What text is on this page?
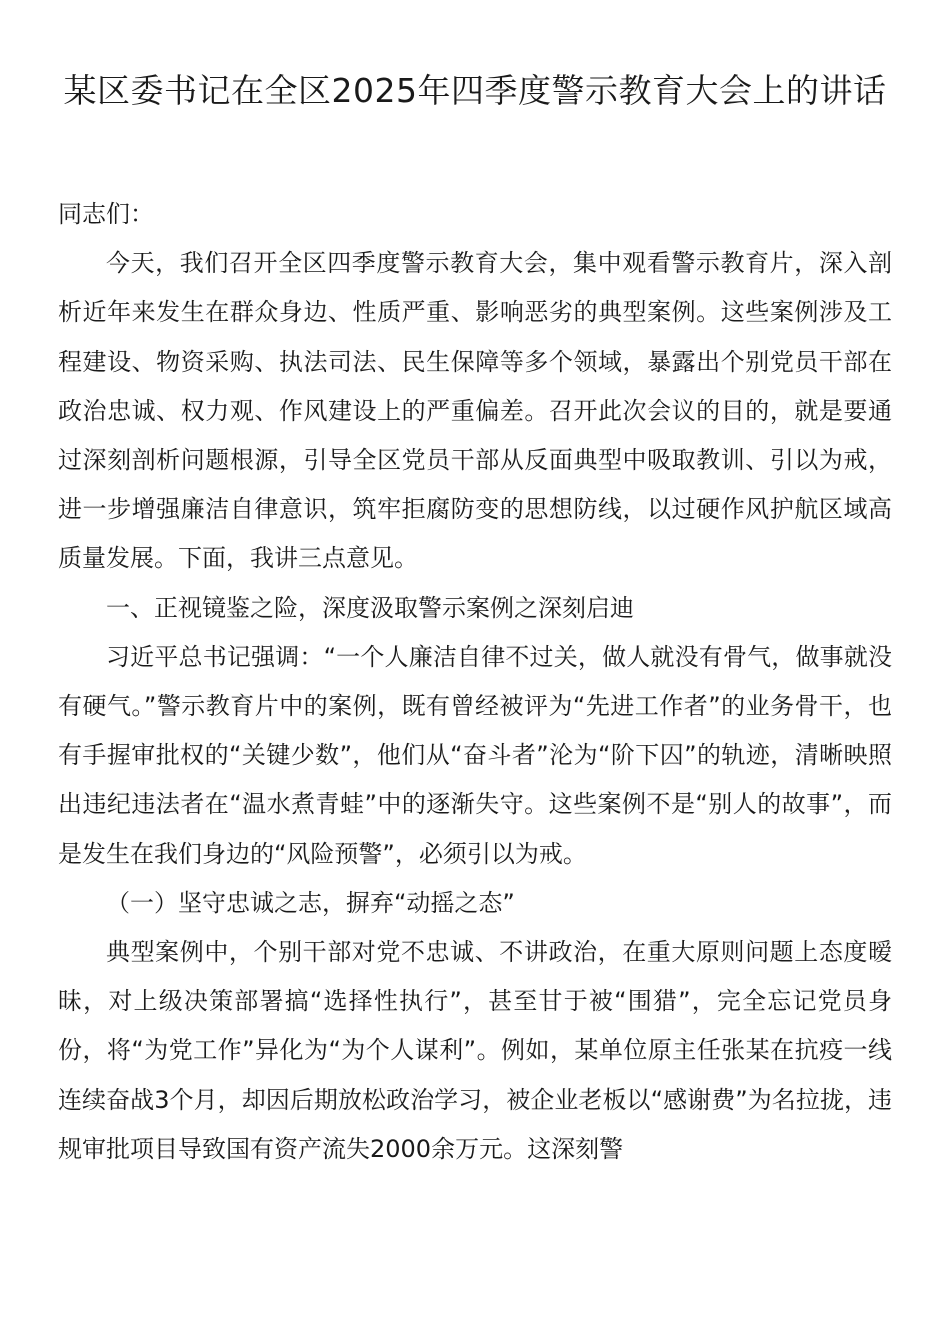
某区委书记在全区2025年四季度警示教育大会上的讲话

同志们：

今天，我们召开全区四季度警示教育大会，集中观看警示教育片，深入剖析近年来发生在群众身边、性质严重、影响恶劣的典型案例。这些案例涉及工程建设、物资采购、执法司法、民生保障等多个领域，暴露出个别党员干部在政治忠诚、权力观、作风建设上的严重偏差。召开此次会议的目的，就是要通过深刻剖析问题根源，引导全区党员干部从反面典型中吸取教训、引以为戒，进一步增强廉洁自律意识，筑牢拒腐防变的思想防线，以过硬作风护航区域高质量发展。下面，我讲三点意见。

一、正视镜鉴之险，深度汲取警示案例之深刻启迪

习近平总书记强调：“一个人廉洁自律不过关，做人就没有骨气，做事就没有硬气。”警示教育片中的案例，既有曾经被评为“先进工作者”的业务骨干，也有手握审批权的“关键少数”，他们从“奋斗者”沦为“阶下囚”的轨迹，清晰映照出违纪违法者在“温水煮青蛙”中的逐渐失守。这些案例不是“别人的故事”，而是发生在我们身边的“风险预警”，必须引以为戒。

（一）坚守忠诚之志，摒弃“动摇之态”

典型案例中，个别干部对党不忠诚、不讲政治，在重大原则问题上态度暧昧，对上级决策部署搞“选择性执行”，甚至甘于被“围猎”，完全忘记党员身份，将“为党工作”异化为“为个人谋利”。例如，某单位原主任张某在抗疫一线连续奋战3个月，却因后期放松政治学习，被企业老板以“感谢费”为名拉拢，违规审批项目导致国有资产流失2000余万元。这深刻警
